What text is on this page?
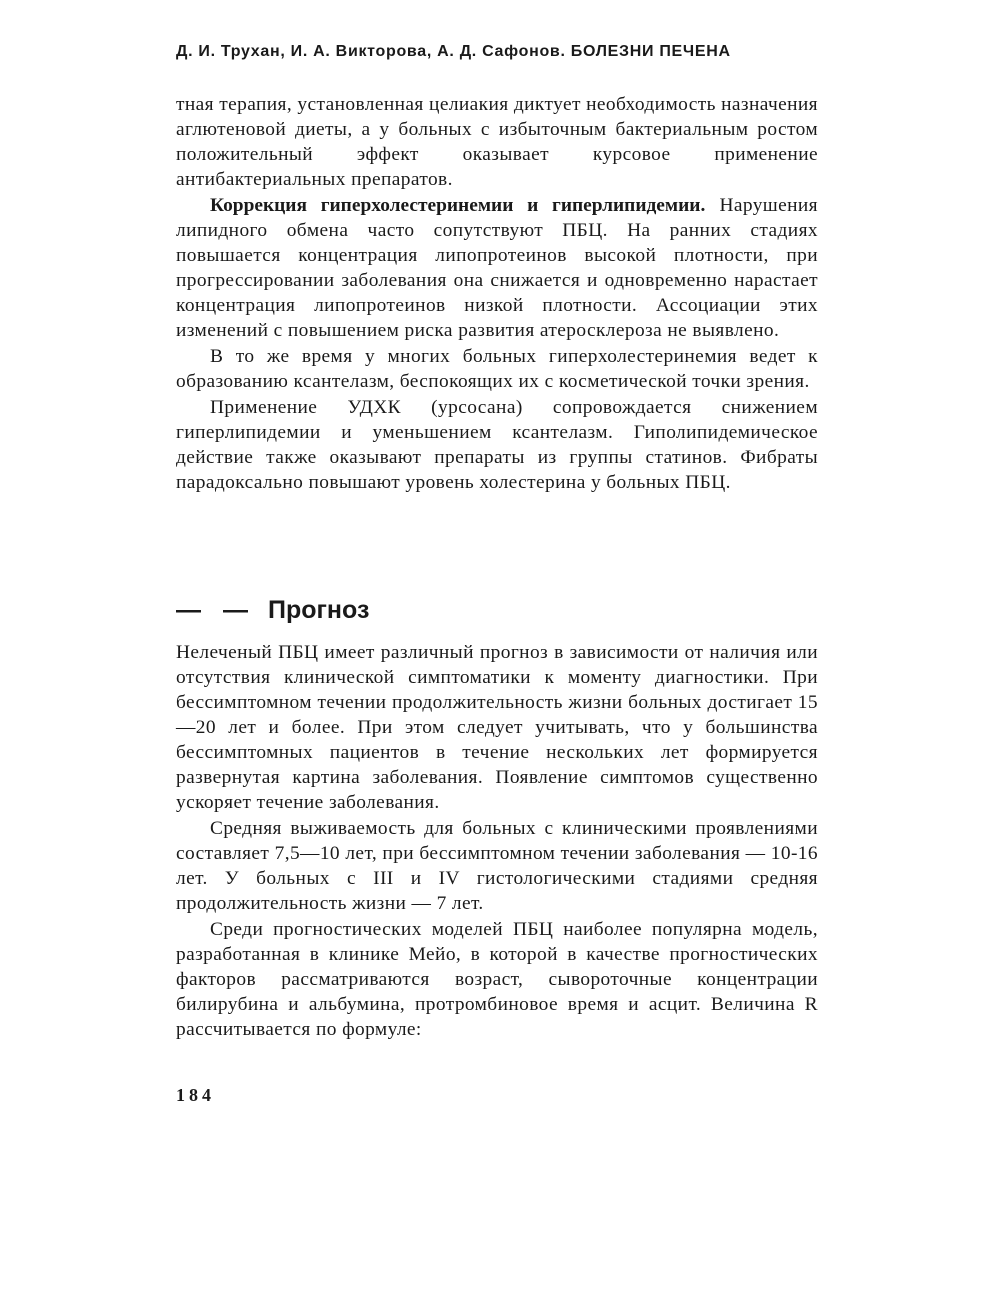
Д. И. Трухан, И. А. Викторова, А. Д. Сафонов. БОЛЕЗНИ ПЕЧЕНА

тная терапия, установленная целиакия диктует необходимость назначения аглютеновой диеты, а у больных с избыточным бактериальным ростом положительный эффект оказывает курсовое применение антибактериальных препаратов.

Коррекция гиперхолестеринемии и гиперлипидемии. Нарушения липидного обмена часто сопутствуют ПБЦ. На ранних стадиях повышается концентрация липопротеинов высокой плотности, при прогрессировании заболевания она снижается и одновременно нарастает концентрация липопротеинов низкой плотности. Ассоциации этих изменений с повышением риска развития атеросклероза не выявлено.

В то же время у многих больных гиперхолестеринемия ведет к образованию ксантелазм, беспокоящих их с косметической точки зрения.

Применение УДХК (урсосана) сопровождается снижением гиперлипидемии и уменьшением ксантелазм. Гиполипидемическое действие также оказывают препараты из группы статинов. Фибраты парадоксально повышают уровень холестерина у больных ПБЦ.

— — Прогноз

Нелеченый ПБЦ имеет различный прогноз в зависимости от наличия или отсутствия клинической симптоматики к моменту диагностики. При бессимптомном течении продолжительность жизни больных достигает 15—20 лет и более. При этом следует учитывать, что у большинства бессимптомных пациентов в течение нескольких лет формируется развернутая картина заболевания. Появление симптомов существенно ускоряет течение заболевания.

Средняя выживаемость для больных с клиническими проявлениями составляет 7,5—10 лет, при бессимптомном течении заболевания — 10-16 лет. У больных с III и IV гистологическими стадиями средняя продолжительность жизни — 7 лет.

Среди прогностических моделей ПБЦ наиболее популярна модель, разработанная в клинике Мейо, в которой в качестве прогностических факторов рассматриваются возраст, сывороточные концентрации билирубина и альбумина, протромбиновое время и асцит. Величина R рассчитывается по формуле:

184
